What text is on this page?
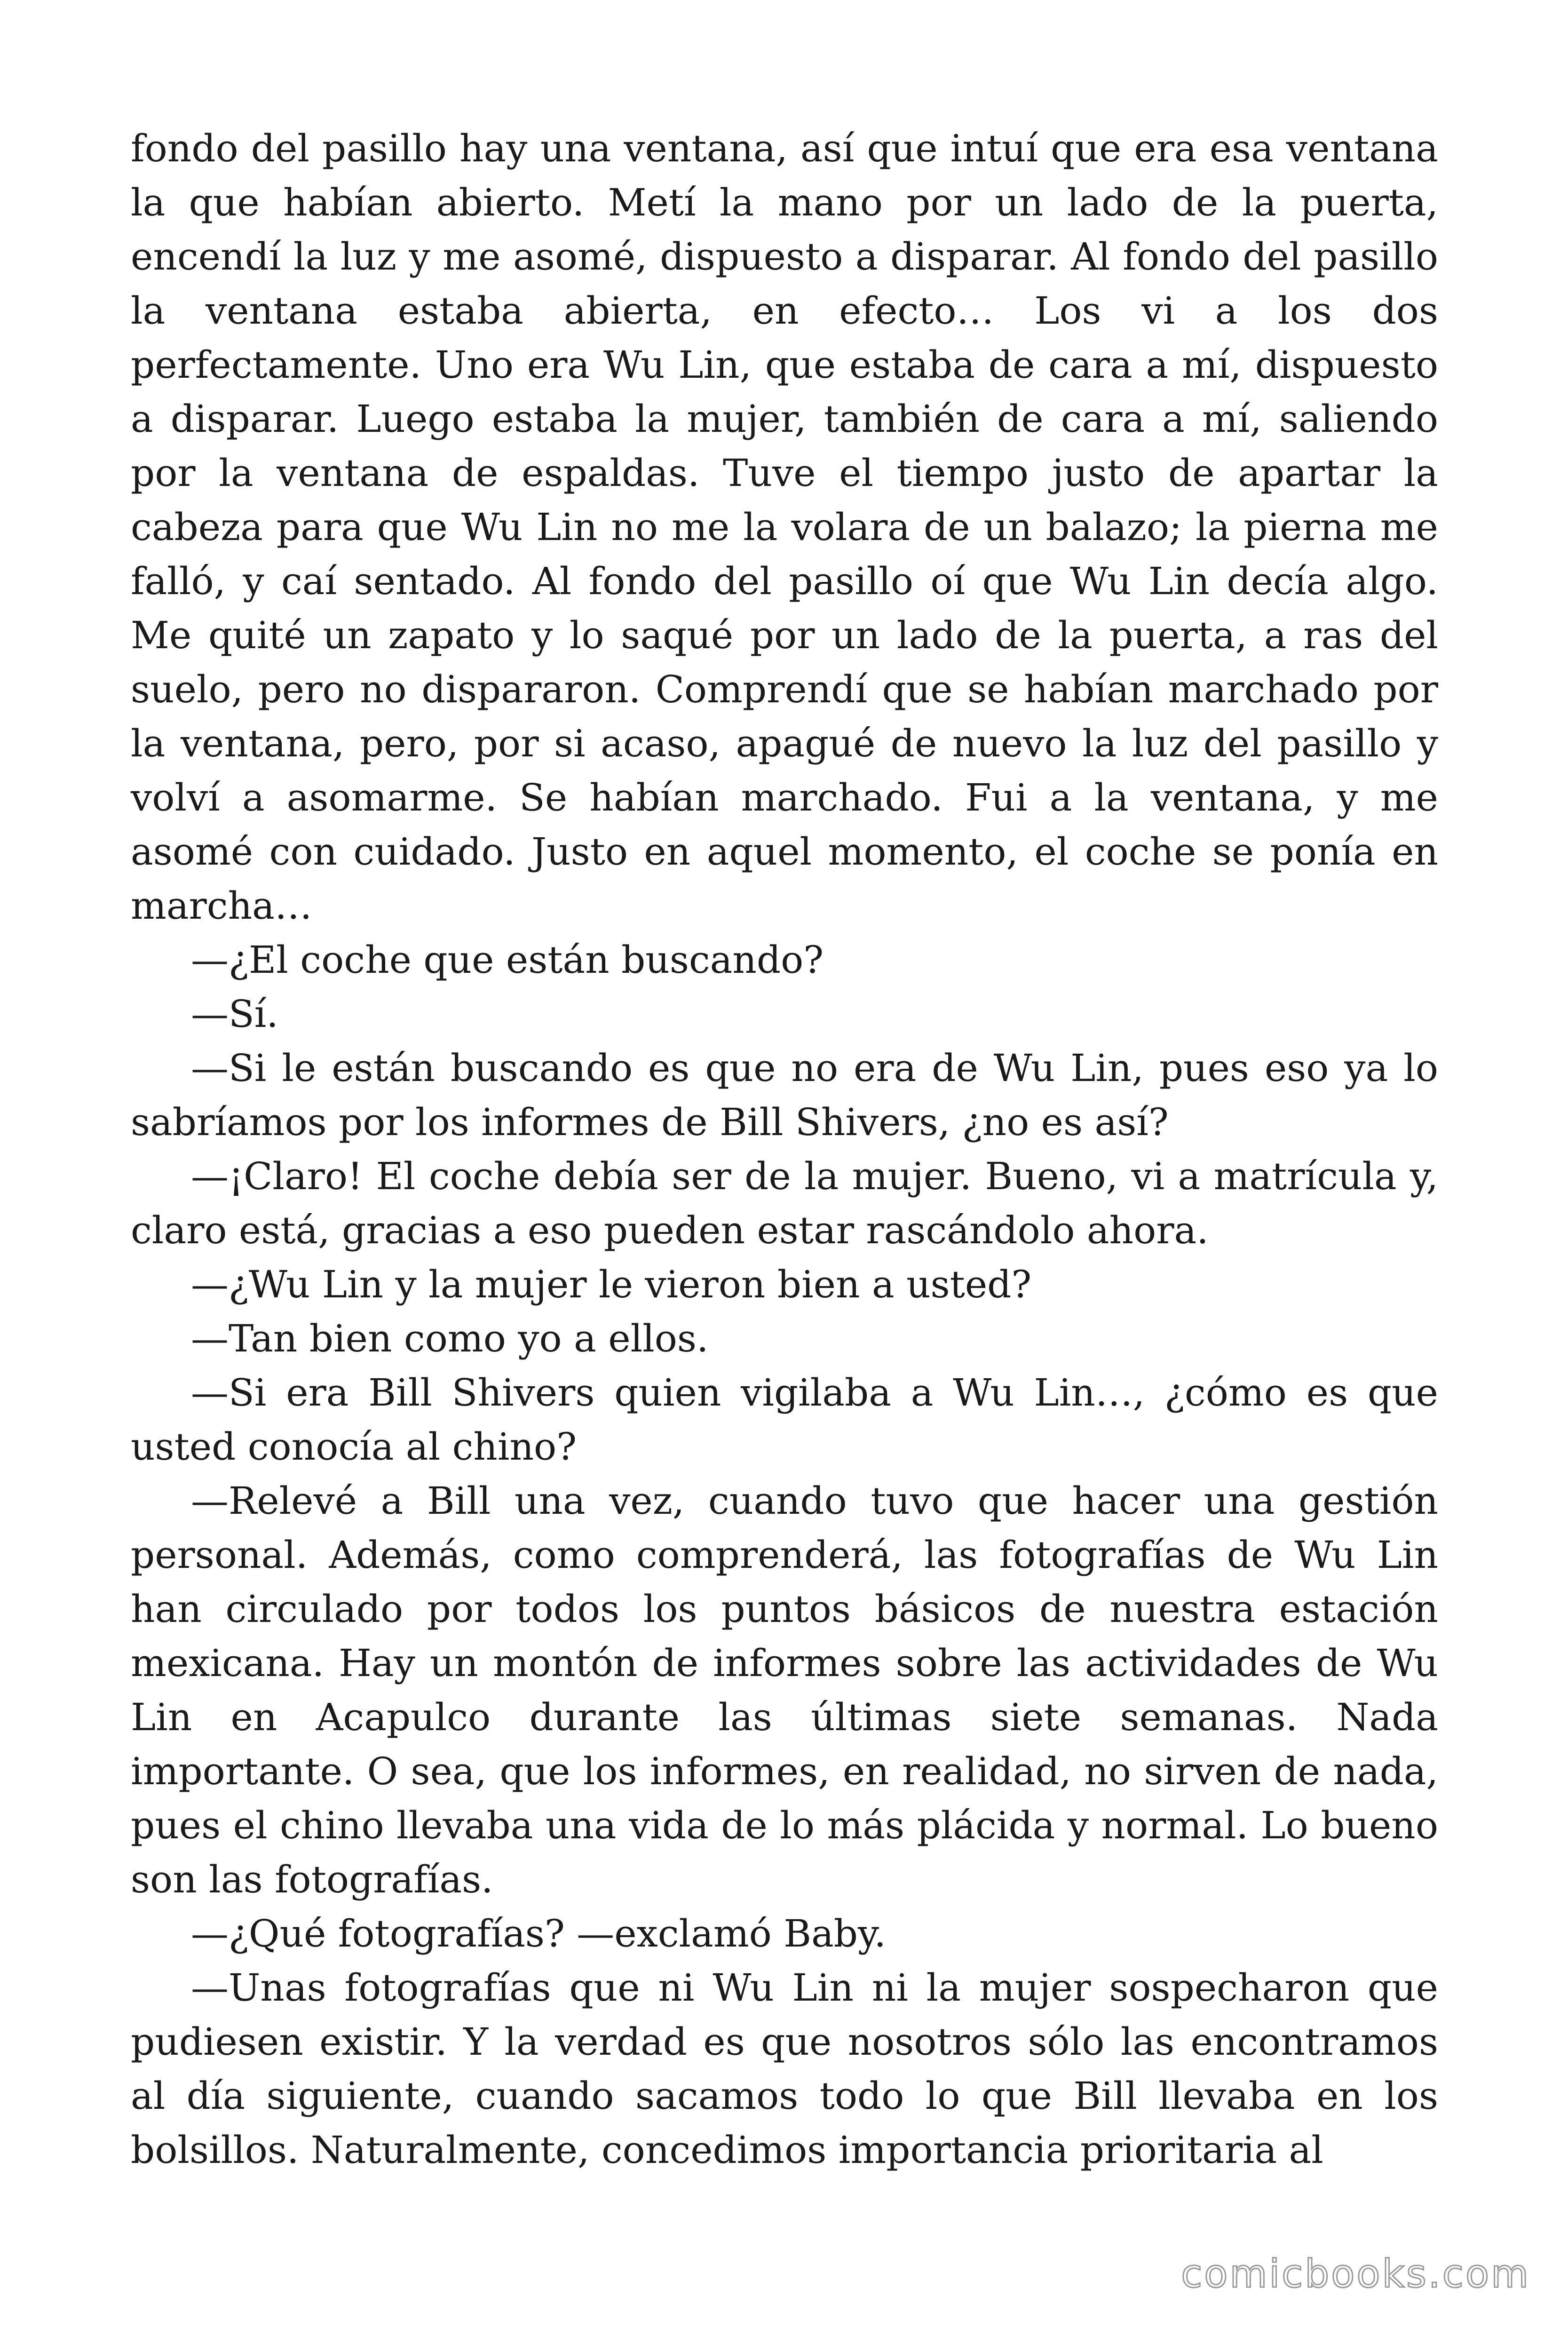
fondo del pasillo hay una ventana, así que intuí que era esa ventana la que habían abierto. Metí la mano por un lado de la puerta, encendí la luz y me asomé, dispuesto a disparar. Al fondo del pasillo la ventana estaba abierta, en efecto… Los vi a los dos perfectamente. Uno era Wu Lin, que estaba de cara a mí, dispuesto a disparar. Luego estaba la mujer, también de cara a mí, saliendo por la ventana de espaldas. Tuve el tiempo justo de apartar la cabeza para que Wu Lin no me la volara de un balazo; la pierna me falló, y caí sentado. Al fondo del pasillo oí que Wu Lin decía algo. Me quité un zapato y lo saqué por un lado de la puerta, a ras del suelo, pero no dispararon. Comprendí que se habían marchado por la ventana, pero, por si acaso, apagué de nuevo la luz del pasillo y volví a asomarme. Se habían marchado. Fui a la ventana, y me asomé con cuidado. Justo en aquel momento, el coche se ponía en marcha…

—¿El coche que están buscando?

—Sí.

—Si le están buscando es que no era de Wu Lin, pues eso ya lo sabríamos por los informes de Bill Shivers, ¿no es así?

—¡Claro! El coche debía ser de la mujer. Bueno, vi a matrícula y, claro está, gracias a eso pueden estar rascándolo ahora.

—¿Wu Lin y la mujer le vieron bien a usted?

—Tan bien como yo a ellos.

—Si era Bill Shivers quien vigilaba a Wu Lin…, ¿cómo es que usted conocía al chino?

—Relevé a Bill una vez, cuando tuvo que hacer una gestión personal. Además, como comprenderá, las fotografías de Wu Lin han circulado por todos los puntos básicos de nuestra estación mexicana. Hay un montón de informes sobre las actividades de Wu Lin en Acapulco durante las últimas siete semanas. Nada importante. O sea, que los informes, en realidad, no sirven de nada, pues el chino llevaba una vida de lo más plácida y normal. Lo bueno son las fotografías.

—¿Qué fotografías? —exclamó Baby.

—Unas fotografías que ni Wu Lin ni la mujer sospecharon que pudiesen existir. Y la verdad es que nosotros sólo las encontramos al día siguiente, cuando sacamos todo lo que Bill llevaba en los bolsillos. Naturalmente, concedimos importancia prioritaria al

comicbooks.com
